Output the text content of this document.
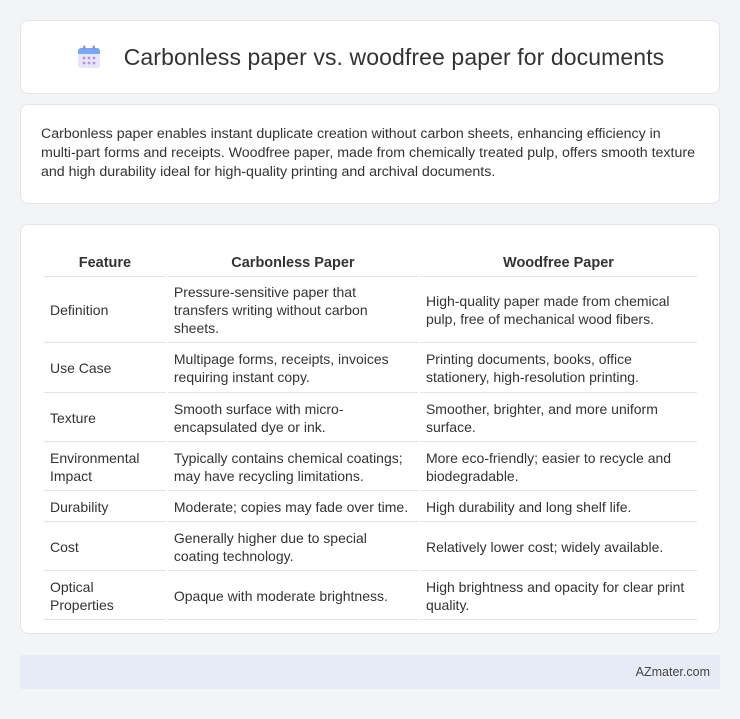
Carbonless paper vs. woodfree paper for documents

Carbonless paper enables instant duplicate creation without carbon sheets, enhancing efficiency in multi-part forms and receipts. Woodfree paper, made from chemically treated pulp, offers smooth texture and high durability ideal for high-quality printing and archival documents.

Feature	Carbonless Paper	Woodfree Paper
Definition	Pressure-sensitive paper that transfers writing without carbon sheets.	High-quality paper made from chemical pulp, free of mechanical wood fibers.
Use Case	Multipage forms, receipts, invoices requiring instant copy.	Printing documents, books, office stationery, high-resolution printing.
Texture	Smooth surface with micro-encapsulated dye or ink.	Smoother, brighter, and more uniform surface.
Environmental Impact	Typically contains chemical coatings; may have recycling limitations.	More eco-friendly; easier to recycle and biodegradable.
Durability	Moderate; copies may fade over time.	High durability and long shelf life.
Cost	Generally higher due to special coating technology.	Relatively lower cost; widely available.
Optical Properties	Opaque with moderate brightness.	High brightness and opacity for clear print quality.
AZmater.com
